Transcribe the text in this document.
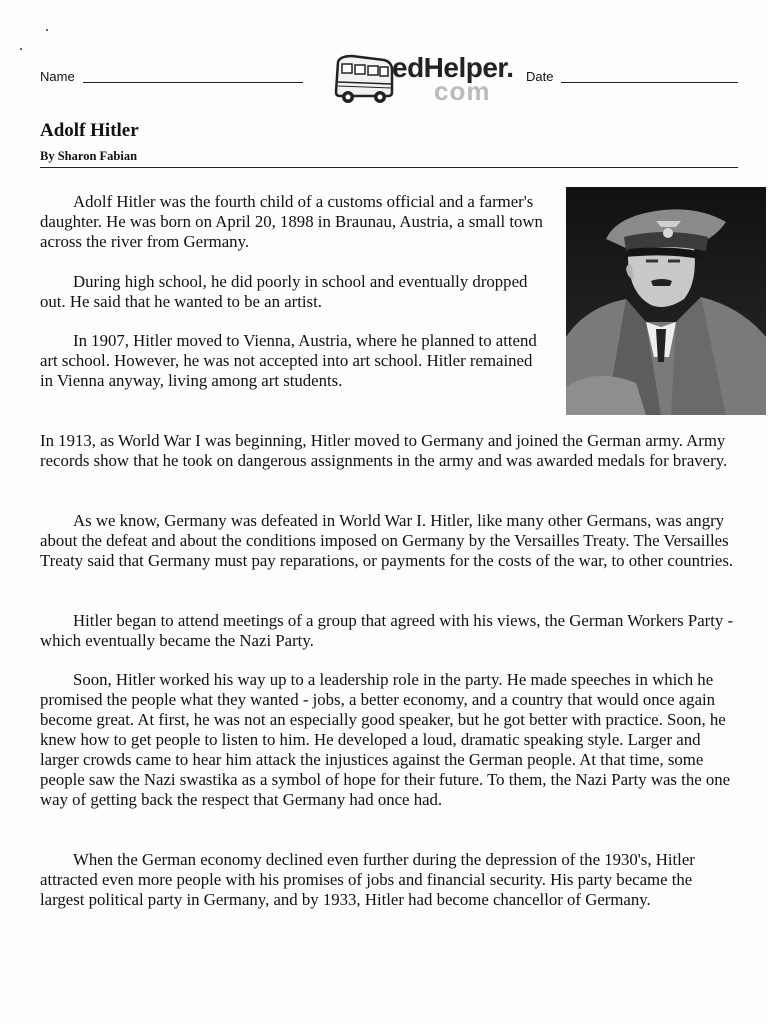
Name	edHelper.
com	Date
Adolf Hitler
By Sharon Fabian

Adolf Hitler was the fourth child of a customs official and a farmer's daughter. He was born on April 20, 1898 in Braunau, Austria, a small town across the river from Germany.

During high school, he did poorly in school and eventually dropped out. He said that he wanted to be an artist.

In 1907, Hitler moved to Vienna, Austria, where he planned to attend art school. However, he was not accepted into art school. Hitler remained in Vienna anyway, living among art students.

In 1913, as World War I was beginning, Hitler moved to Germany and joined the German army. Army records show that he took on dangerous assignments in the army and was awarded medals for bravery.

As we know, Germany was defeated in World War I. Hitler, like many other Germans, was angry about the defeat and about the conditions imposed on Germany by the Versailles Treaty. The Versailles Treaty said that Germany must pay reparations, or payments for the costs of the war, to other countries.

Hitler began to attend meetings of a group that agreed with his views, the German Workers Party - which eventually became the Nazi Party.

Soon, Hitler worked his way up to a leadership role in the party. He made speeches in which he promised the people what they wanted - jobs, a better economy, and a country that would once again become great. At first, he was not an especially good speaker, but he got better with practice. Soon, he knew how to get people to listen to him. He developed a loud, dramatic speaking style. Larger and larger crowds came to hear him attack the injustices against the German people. At that time, some people saw the Nazi swastika as a symbol of hope for their future. To them, the Nazi Party was the one way of getting back the respect that Germany had once had.

When the German economy declined even further during the depression of the 1930's, Hitler attracted even more people with his promises of jobs and financial security. His party became the largest political party in Germany, and by 1933, Hitler had become chancellor of Germany.
